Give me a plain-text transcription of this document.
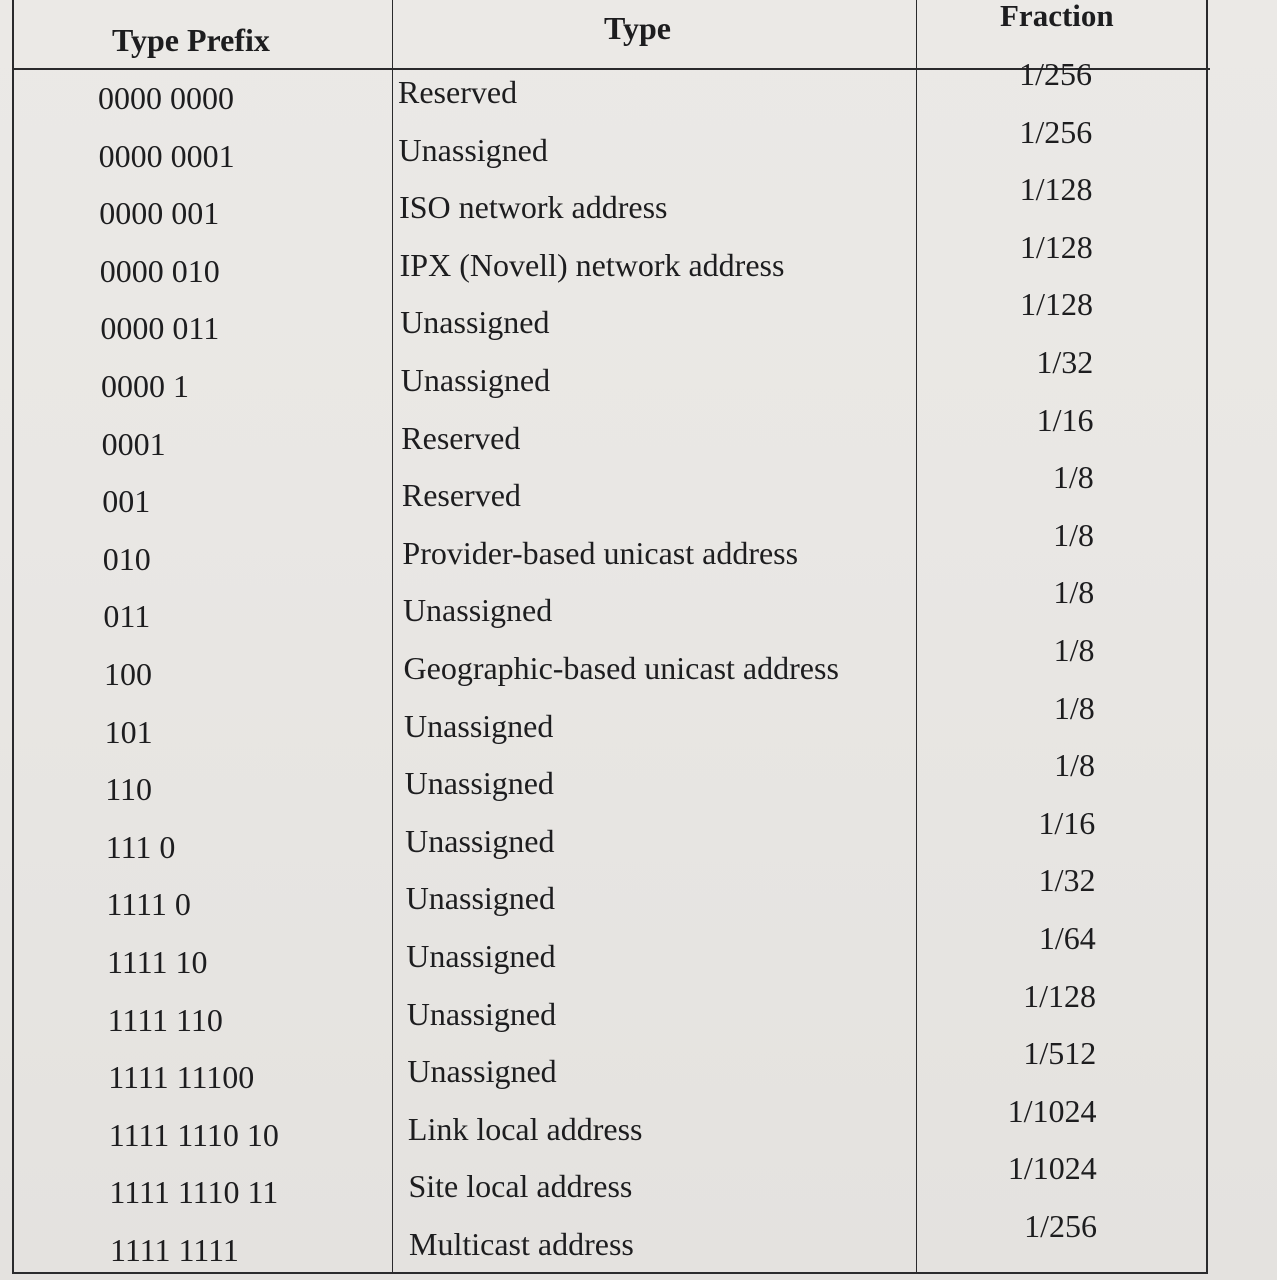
Type Prefix	Type	Fraction
0000 0000	Reserved	1/256
0000 0001	Unassigned	1/256
0000 001	ISO network address	1/128
0000 010	IPX (Novell) network address	1/128
0000 011	Unassigned	1/128
0000 1	Unassigned	1/32
0001	Reserved	1/16
001	Reserved	1/8
010	Provider-based unicast address	1/8
011	Unassigned	1/8
100	Geographic-based unicast address	1/8
101	Unassigned	1/8
110	Unassigned	1/8
111 0	Unassigned	1/16
1111 0	Unassigned	1/32
1111 10	Unassigned	1/64
1111 110	Unassigned	1/128
1111 11100	Unassigned	1/512
1111 1110 10	Link local address	1/1024
1111 1110 11	Site local address	1/1024
1111 1111	Multicast address	1/256
